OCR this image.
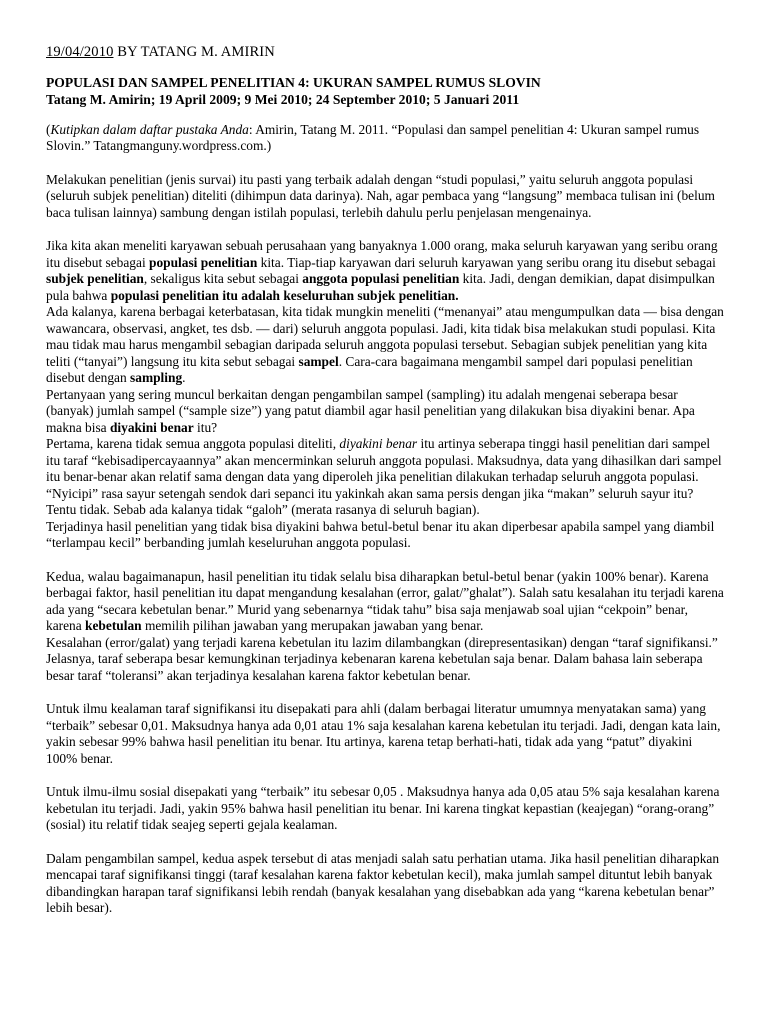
19/04/2010 BY TATANG M. AMIRIN

POPULASI DAN SAMPEL PENELITIAN 4: UKURAN SAMPEL RUMUS SLOVIN

Tatang M. Amirin; 19 April 2009; 9 Mei 2010; 24 September 2010; 5 Januari 2011

(Kutipkan dalam daftar pustaka Anda: Amirin, Tatang M. 2011. “Populasi dan sampel penelitian 4: Ukuran sampel rumus Slovin.” Tatangmanguny.wordpress.com.)

Melakukan penelitian (jenis survai) itu pasti yang terbaik adalah dengan “studi populasi,” yaitu seluruh anggota populasi (seluruh subjek penelitian) diteliti (dihimpun data darinya). Nah, agar pembaca yang “langsung” membaca tulisan ini (belum baca tulisan lainnya) sambung dengan istilah populasi, terlebih dahulu perlu penjelasan mengenainya.

Jika kita akan meneliti karyawan sebuah perusahaan yang banyaknya 1.000 orang, maka seluruh karyawan yang seribu orang itu disebut sebagai populasi penelitian kita. Tiap-tiap karyawan dari seluruh karyawan yang seribu orang itu disebut sebagai subjek penelitian, sekaligus kita sebut sebagai anggota populasi penelitian kita. Jadi, dengan demikian, dapat disimpulkan pula bahwa populasi penelitian itu adalah keseluruhan subjek penelitian.

Ada kalanya, karena berbagai keterbatasan, kita tidak mungkin meneliti (“menanyai” atau mengumpulkan data — bisa dengan wawancara, observasi, angket, tes dsb. — dari) seluruh anggota populasi. Jadi, kita tidak bisa melakukan studi populasi. Kita mau tidak mau harus mengambil sebagian daripada seluruh anggota populasi tersebut. Sebagian subjek penelitian yang kita teliti (“tanyai”) langsung itu kita sebut sebagai sampel. Cara-cara bagaimana mengambil sampel dari populasi penelitian disebut dengan sampling.

Pertanyaan yang sering muncul berkaitan dengan pengambilan sampel (sampling) itu adalah mengenai seberapa besar (banyak) jumlah sampel (“sample size”) yang patut diambil agar hasil penelitian yang dilakukan bisa diyakini benar. Apa makna bisa diyakini benar itu?

Pertama, karena tidak semua anggota populasi diteliti, diyakini benar itu artinya seberapa tinggi hasil penelitian dari sampel itu taraf “kebisadipercayaannya” akan mencerminkan seluruh anggota populasi. Maksudnya, data yang dihasilkan dari sampel itu benar-benar akan relatif sama dengan data yang diperoleh jika penelitian dilakukan terhadap seluruh anggota populasi. “Nyicipi” rasa sayur setengah sendok dari sepanci itu yakinkah akan sama persis dengan jika “makan” seluruh sayur itu? Tentu tidak. Sebab ada kalanya tidak “galoh” (merata rasanya di seluruh bagian).

Terjadinya hasil penelitian yang tidak bisa diyakini bahwa betul-betul benar itu akan diperbesar apabila sampel yang diambil “terlampau kecil” berbanding jumlah keseluruhan anggota populasi.

Kedua, walau bagaimanapun, hasil penelitian itu tidak selalu bisa diharapkan betul-betul benar (yakin 100% benar). Karena berbagai faktor, hasil penelitian itu dapat mengandung kesalahan (error, galat/”ghalat”). Salah satu kesalahan itu terjadi karena ada yang “secara kebetulan benar.” Murid yang sebenarnya “tidak tahu” bisa saja menjawab soal ujian “cekpoin” benar, karena kebetulan memilih pilihan jawaban yang merupakan jawaban yang benar.

Kesalahan (error/galat) yang terjadi karena kebetulan itu lazim dilambangkan (direpresentasikan) dengan “taraf signifikansi.” Jelasnya, taraf seberapa besar kemungkinan terjadinya kebenaran karena kebetulan saja benar. Dalam bahasa lain seberapa besar taraf “toleransi” akan terjadinya kesalahan karena faktor kebetulan benar.

Untuk ilmu kealaman taraf signifikansi itu disepakati para ahli (dalam berbagai literatur umumnya menyatakan sama) yang “terbaik” sebesar 0,01. Maksudnya hanya ada 0,01 atau 1% saja kesalahan karena kebetulan itu terjadi. Jadi, dengan kata lain, yakin sebesar 99% bahwa hasil penelitian itu benar. Itu artinya, karena tetap berhati-hati, tidak ada yang “patut” diyakini 100% benar.

Untuk ilmu-ilmu sosial disepakati yang “terbaik” itu sebesar 0,05 . Maksudnya hanya ada 0,05 atau 5% saja kesalahan karena kebetulan itu terjadi. Jadi, yakin 95% bahwa hasil penelitian itu benar. Ini karena tingkat kepastian (keajegan) “orang-orang” (sosial) itu relatif tidak seajeg seperti gejala kealaman.

Dalam pengambilan sampel, kedua aspek tersebut di atas menjadi salah satu perhatian utama. Jika hasil penelitian diharapkan mencapai taraf signifikansi tinggi (taraf kesalahan karena faktor kebetulan kecil), maka jumlah sampel dituntut lebih banyak dibandingkan harapan taraf signifikansi lebih rendah (banyak kesalahan yang disebabkan ada yang “karena kebetulan benar” lebih besar).
